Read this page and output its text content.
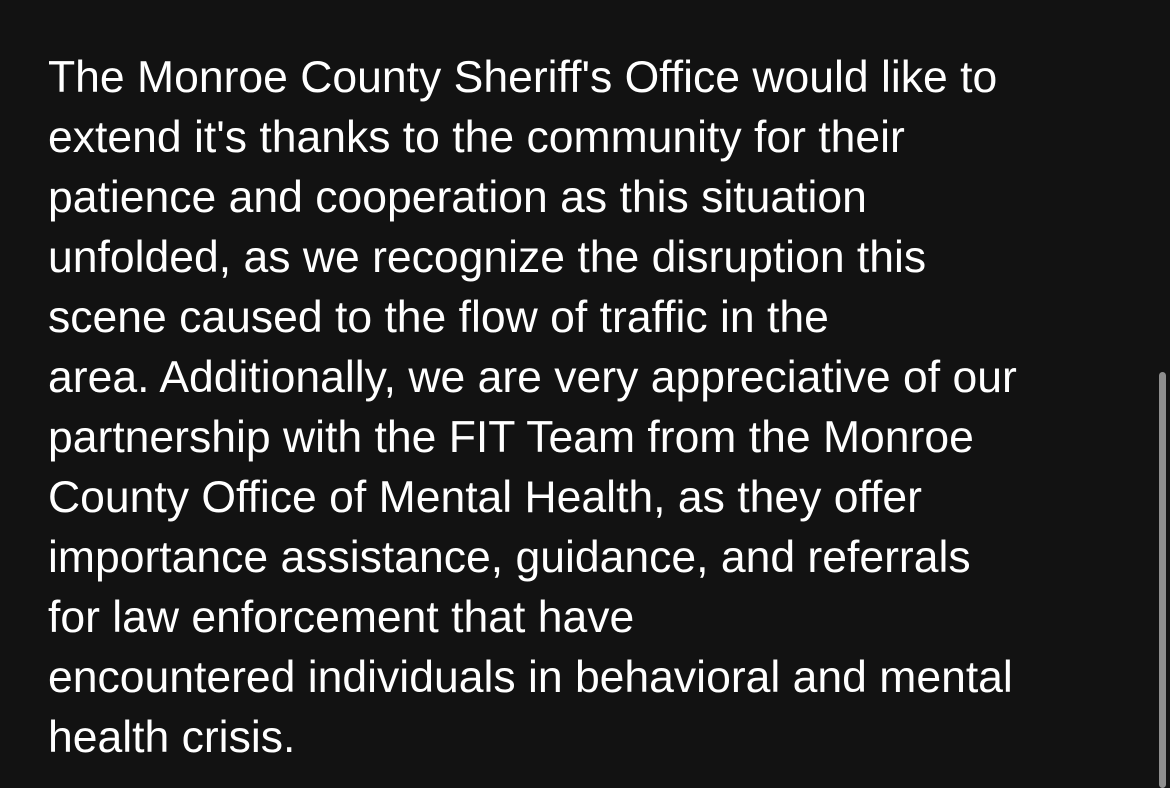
The Monroe County Sheriff's Office would like to
extend it's thanks to the community for their
patience and cooperation as this situation
unfolded, as we recognize the disruption this
scene caused to the flow of traffic in the
area. Additionally, we are very appreciative of our
partnership with the FIT Team from the Monroe
County Office of Mental Health, as they offer
importance assistance, guidance, and referrals
for law enforcement that have
encountered individuals in behavioral and mental
health crisis.
